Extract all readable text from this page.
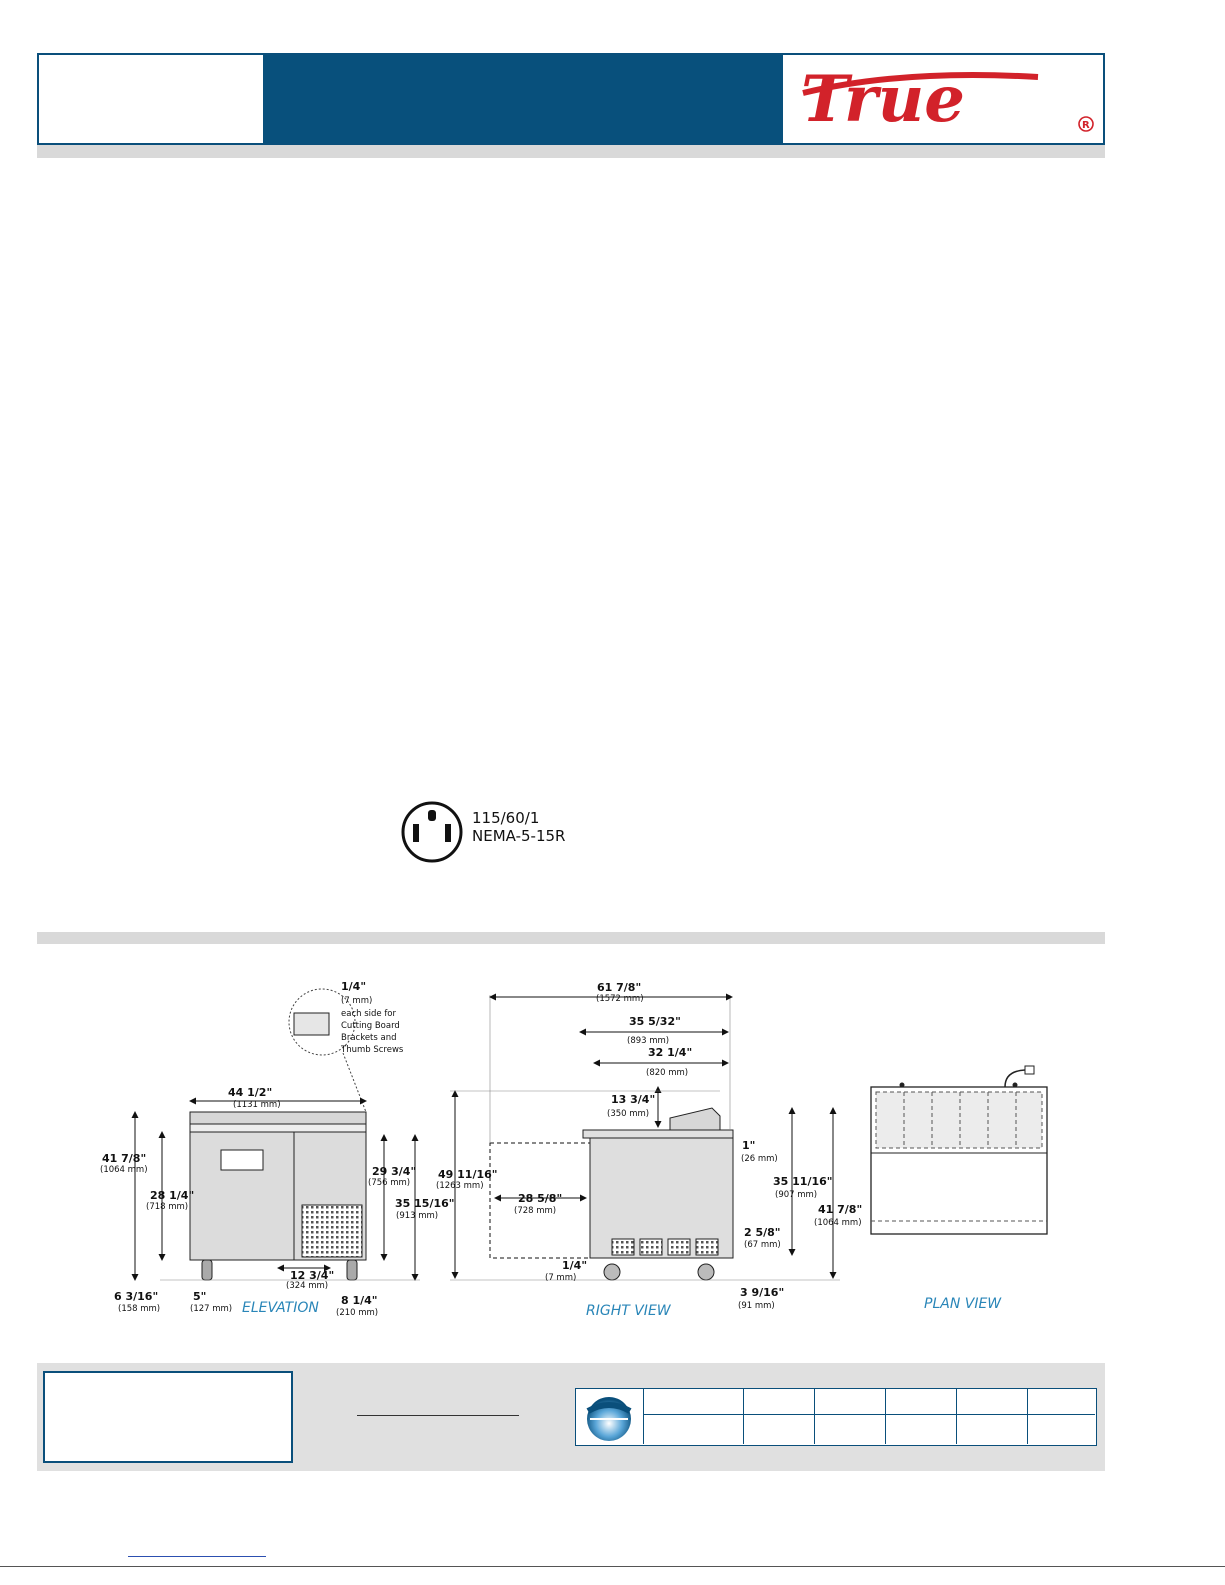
True	R
115/60/1
NEMA-5-15R
44 1/2"
(1131 mm)
41 7/8"
(1064 mm)
28 1/4"
(718 mm)
29 3/4"
(756 mm)
35 15/16"
(913 mm)
12 3/4"
(324 mm)
6 3/16"
(158 mm)
5"
(127 mm)
8 1/4"
(210 mm)
ELEVATION
1/4"
(7 mm)
each side for
Cutting Board
Brackets and
Thumb Screws
61 7/8"
(1572 mm)
35 5/32"
(893 mm)
32 1/4"
(820 mm)
13 3/4"
(350 mm)
49 11/16"
(1263 mm)
28 5/8"
(728 mm)
1"
(26 mm)
35 11/16"
(907 mm)
41 7/8"
(1064 mm)
2 5/8"
(67 mm)
1/4"
(7 mm)
3 9/16"
(91 mm)
RIGHT VIEW	PLAN VIEW
